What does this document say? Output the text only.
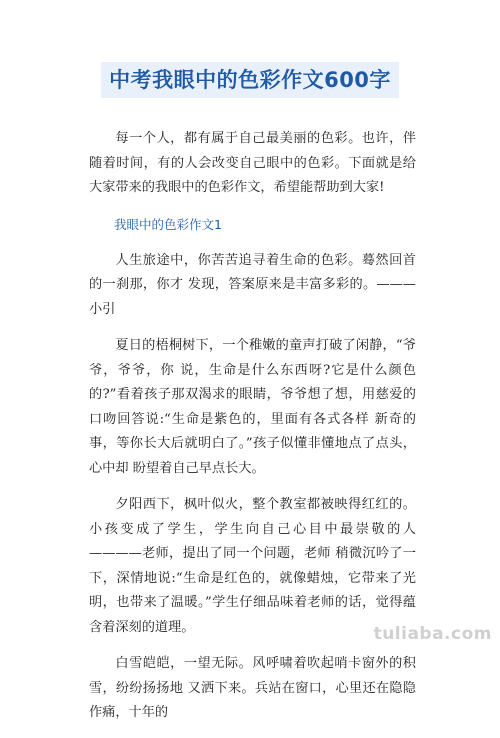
中考我眼中的色彩作文600字

每一个人，都有属于自己最美丽的色彩。也许，伴随着时间，有的人会改变自己眼中的色彩。下面就是给大家带来的我眼中的色彩作文，希望能帮助到大家!

我眼中的色彩作文1

人生旅途中，你苦苦追寻着生命的色彩。蓦然回首的一刹那，你才 发现，答案原来是丰富多彩的。———小引

夏日的梧桐树下，一个稚嫩的童声打破了闲静，“爷爷，爷爷，你 说，生命是什么东西呀?它是什么颜色的?”看着孩子那双渴求的眼睛，爷爷想了想，用慈爱的口吻回答说:“生命是紫色的，里面有各式各样 新奇的事，等你长大后就明白了。”孩子似懂非懂地点了点头，心中却 盼望着自己早点长大。

夕阳西下，枫叶似火，整个教室都被映得红红的。小孩变成了学生，学生向自己心目中最崇敬的人————老师，提出了同一个问题，老师 稍微沉吟了一下，深情地说:“生命是红色的，就像蜡烛，它带来了光 明，也带来了温暖。”学生仔细品味着老师的话，觉得蕴含着深刻的道理。

白雪皑皑，一望无际。风呼啸着吹起哨卡窗外的积雪，纷纷扬扬地 又洒下来。兵站在窗口，心里还在隐隐作痛，十年的

tuliaba.com
